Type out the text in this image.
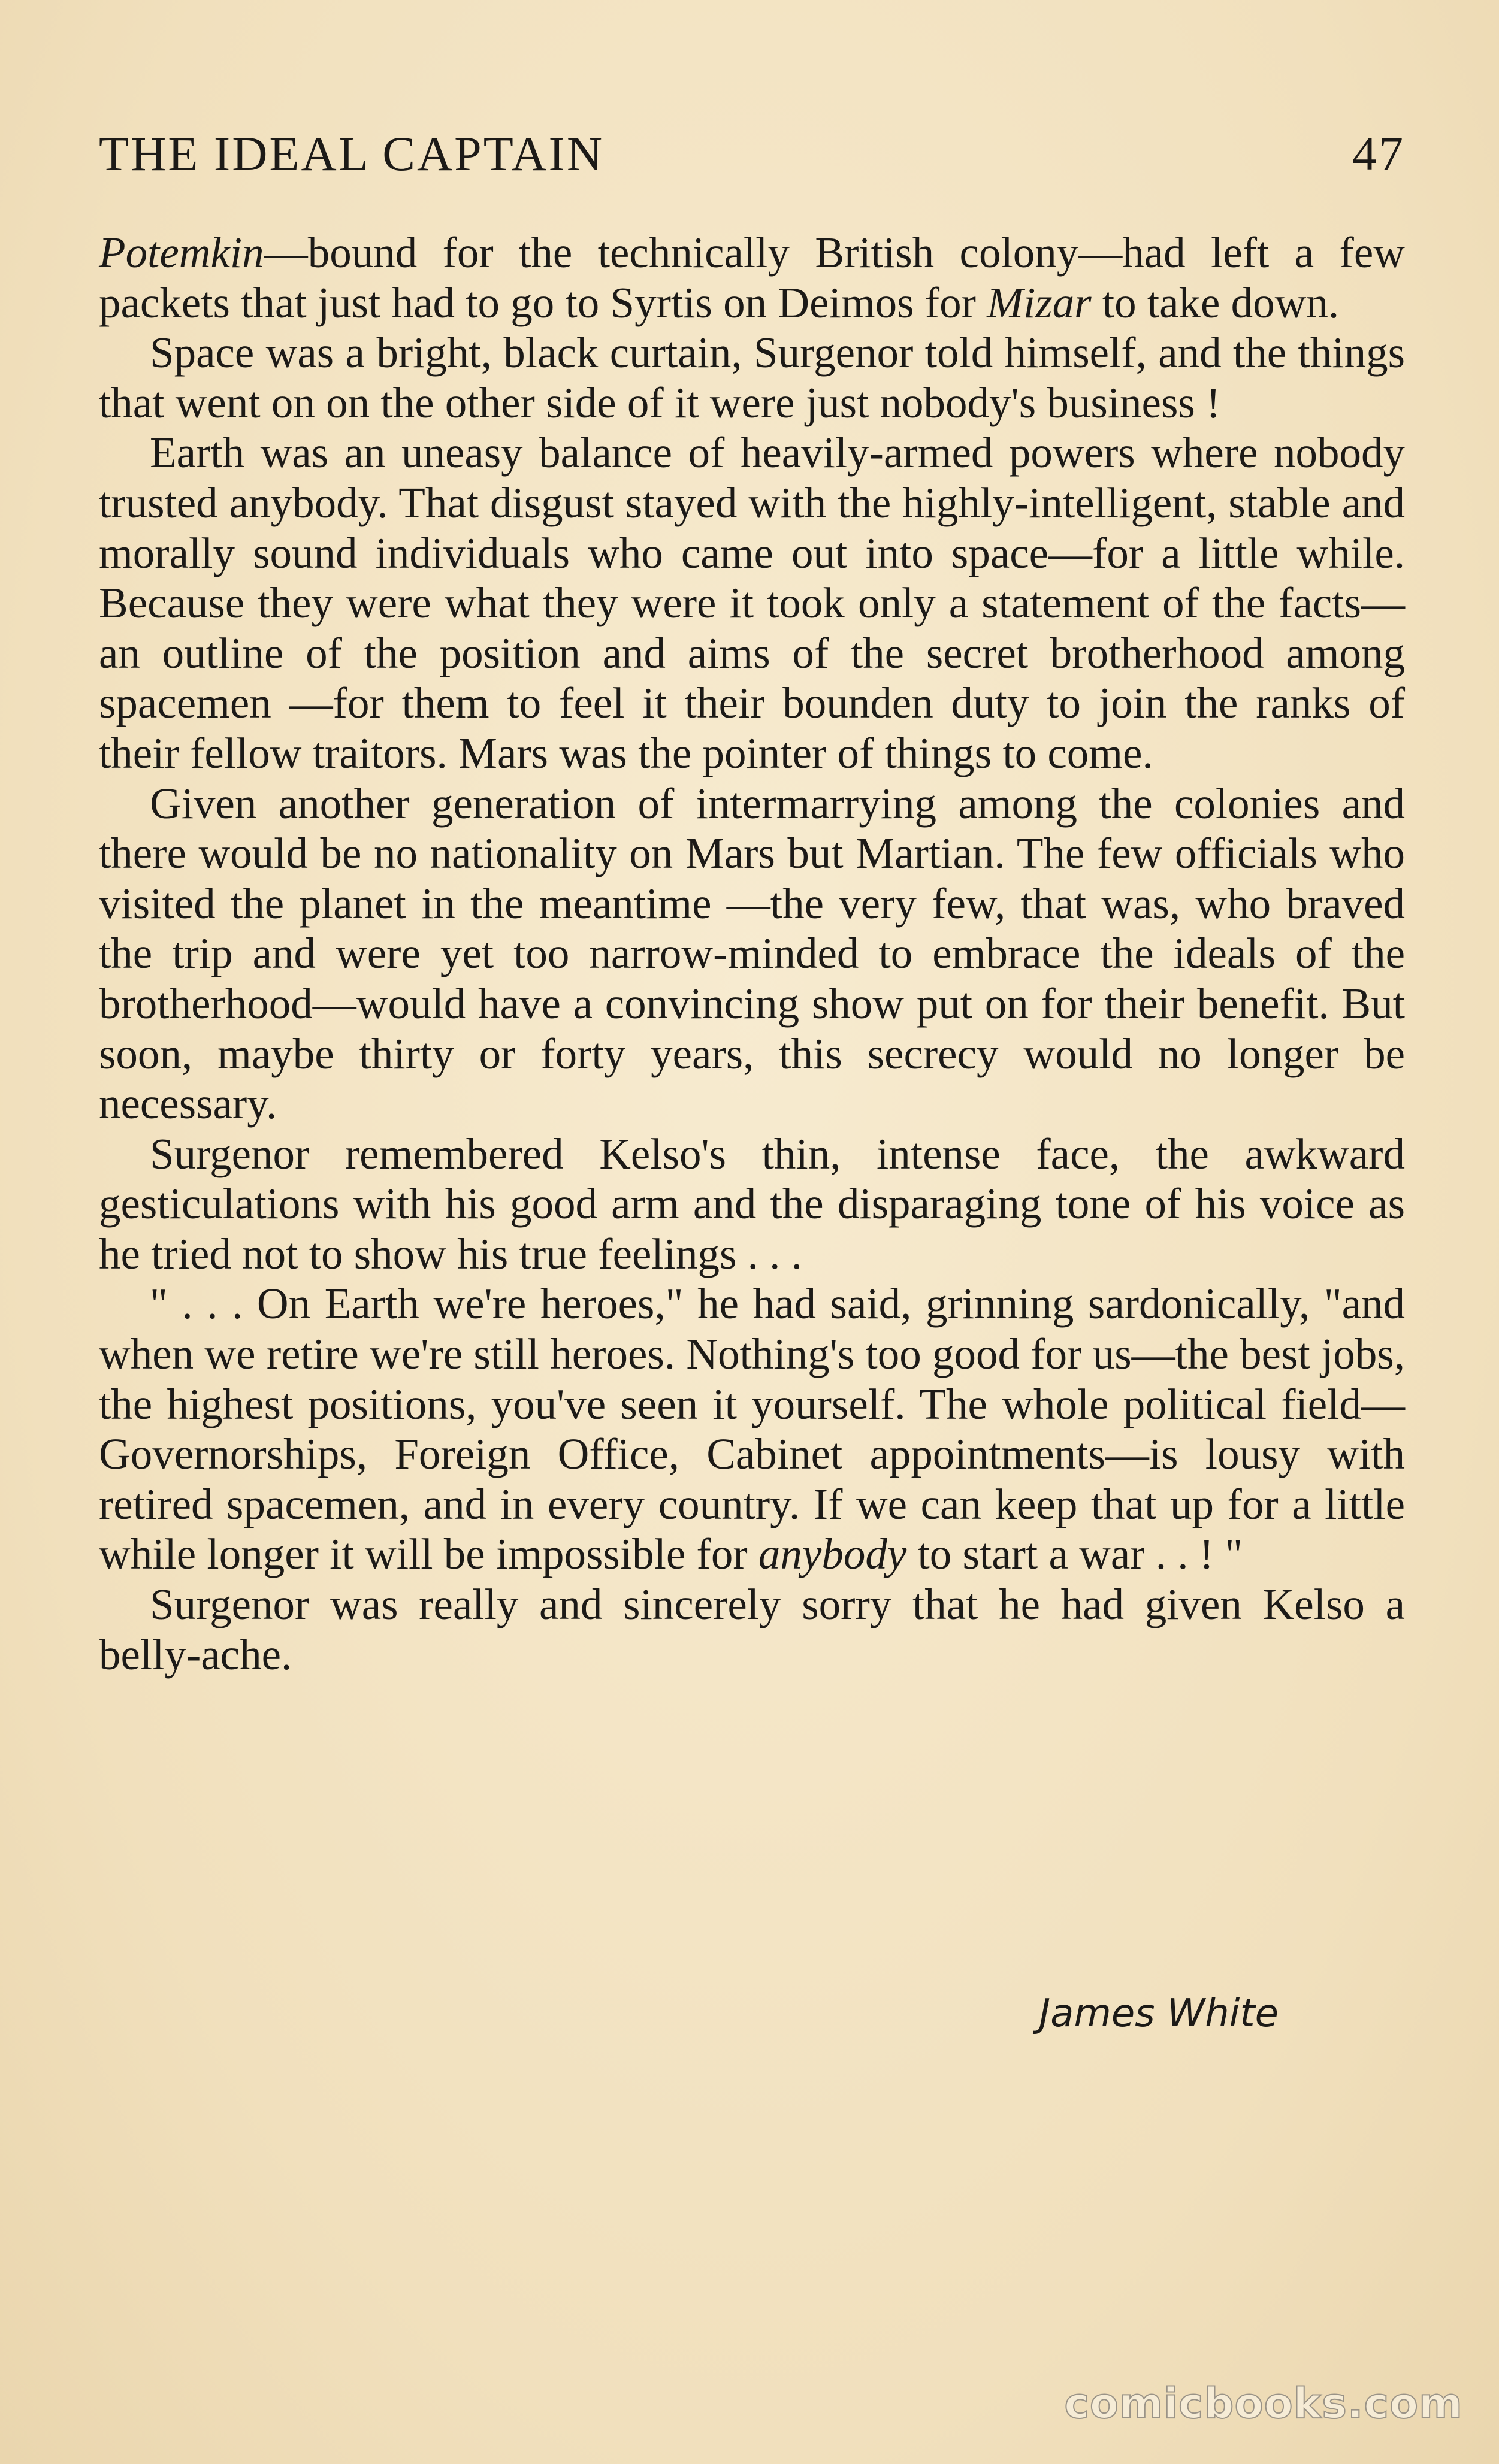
THE IDEAL CAPTAIN	47

Potemkin—bound for the technically British colony—had left a few packets that just had to go to Syrtis on Deimos for Mizar to take down.

Space was a bright, black curtain, Surgenor told himself, and the things that went on on the other side of it were just nobody's business !

Earth was an uneasy balance of heavily-armed powers where nobody trusted anybody. That disgust stayed with the highly-intelligent, stable and morally sound individuals who came out into space—for a little while. Because they were what they were it took only a statement of the facts—an outline of the position and aims of the secret brotherhood among spacemen —for them to feel it their bounden duty to join the ranks of their fellow traitors. Mars was the pointer of things to come.

Given another generation of intermarrying among the colonies and there would be no nationality on Mars but Martian. The few officials who visited the planet in the meantime —the very few, that was, who braved the trip and were yet too narrow-minded to embrace the ideals of the brotherhood—would have a convincing show put on for their benefit. But soon, maybe thirty or forty years, this secrecy would no longer be necessary.

Surgenor remembered Kelso's thin, intense face, the awkward gesticulations with his good arm and the disparaging tone of his voice as he tried not to show his true feelings . . .

" . . . On Earth we're heroes," he had said, grinning sardonically, "and when we retire we're still heroes. Nothing's too good for us—the best jobs, the highest positions, you've seen it yourself. The whole political field—Governorships, Foreign Office, Cabinet appointments—is lousy with retired spacemen, and in every country. If we can keep that up for a little while longer it will be impossible for anybody to start a war . . ! "

Surgenor was really and sincerely sorry that he had given Kelso a belly-ache.

James White
comicbooks.com
